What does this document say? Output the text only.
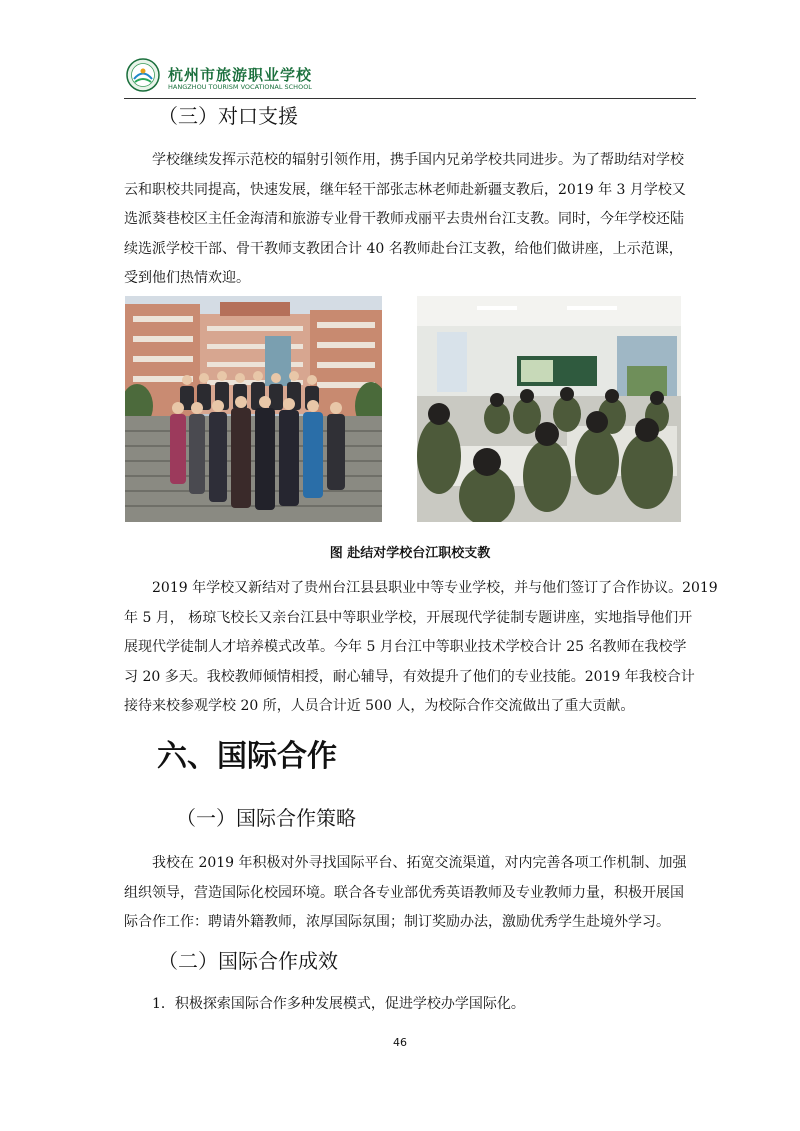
杭州市旅游职业学校
HANGZHOU TOURISM VOCATIONAL SCHOOL
（三）对口支援
学校继续发挥示范校的辐射引领作用，携手国内兄弟学校共同进步。为了帮助结对学校
云和职校共同提高，快速发展，继年轻干部张志林老师赴新疆支教后，2019 年 3 月学校又
选派葵巷校区主任金海清和旅游专业骨干教师戎丽平去贵州台江支教。同时，今年学校还陆
续选派学校干部、骨干教师支教团合计 40 名教师赴台江支教，给他们做讲座，上示范课，
受到他们热情欢迎。
图 赴结对学校台江职校支教
2019 年学校又新结对了贵州台江县县职业中等专业学校，并与他们签订了合作协议。2019
年 5 月， 杨琼飞校长又亲台江县中等职业学校，开展现代学徒制专题讲座，实地指导他们开
展现代学徒制人才培养模式改革。今年 5 月台江中等职业技术学校合计 25 名教师在我校学
习 20 多天。我校教师倾情相授，耐心辅导，有效提升了他们的专业技能。2019 年我校合计
接待来校参观学校 20 所，人员合计近 500 人，为校际合作交流做出了重大贡献。
六、国际合作
（一）国际合作策略
我校在 2019 年积极对外寻找国际平台、拓宽交流渠道，对内完善各项工作机制、加强
组织领导，营造国际化校园环境。联合各专业部优秀英语教师及专业教师力量，积极开展国
际合作工作：聘请外籍教师，浓厚国际氛围；制订奖励办法，激励优秀学生赴境外学习。
（二）国际合作成效
1．积极探索国际合作多种发展模式，促进学校办学国际化。
46
